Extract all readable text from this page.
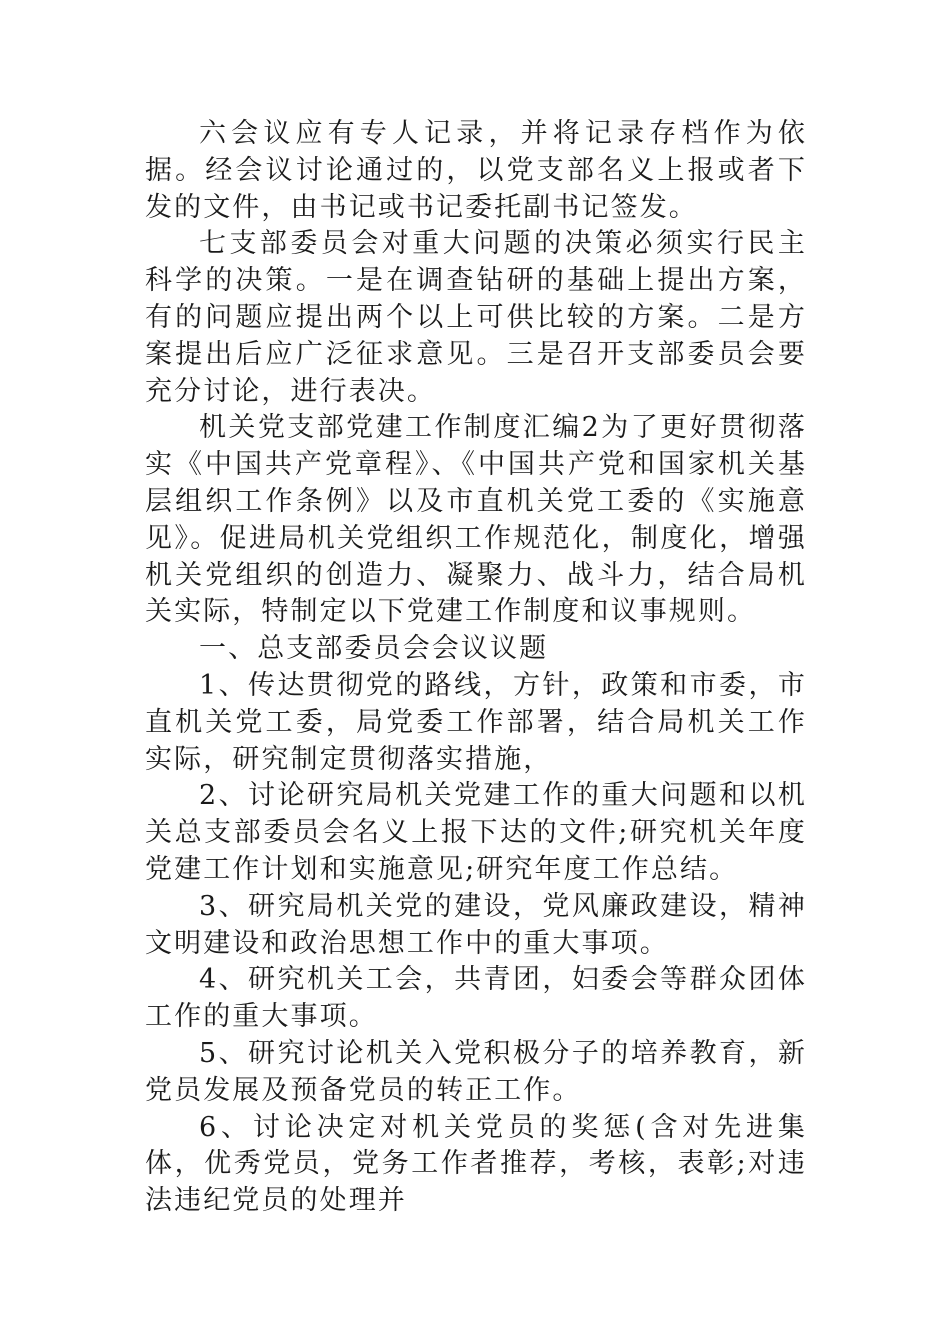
六会议应有专人记录，并将记录存档作为依据。经会议讨论通过的，以党支部名义上报或者下发的文件，由书记或书记委托副书记签发。

七支部委员会对重大问题的决策必须实行民主科学的决策。一是在调查钻研的基础上提出方案，有的问题应提出两个以上可供比较的方案。二是方案提出后应广泛征求意见。三是召开支部委员会要充分讨论，进行表决。

机关党支部党建工作制度汇编2为了更好贯彻落实《中国共产党章程》、《中国共产党和国家机关基层组织工作条例》以及市直机关党工委的《实施意见》。促进局机关党组织工作规范化，制度化，增强机关党组织的创造力、凝聚力、战斗力，结合局机关实际，特制定以下党建工作制度和议事规则。

一、总支部委员会会议议题

1、传达贯彻党的路线，方针，政策和市委，市直机关党工委，局党委工作部署，结合局机关工作实际，研究制定贯彻落实措施，

2、讨论研究局机关党建工作的重大问题和以机关总支部委员会名义上报下达的文件;研究机关年度党建工作计划和实施意见;研究年度工作总结。

3、研究局机关党的建设，党风廉政建设，精神文明建设和政治思想工作中的重大事项。

4、研究机关工会，共青团，妇委会等群众团体工作的重大事项。

5、研究讨论机关入党积极分子的培养教育，新党员发展及预备党员的转正工作。

6、讨论决定对机关党员的奖惩(含对先进集体，优秀党员，党务工作者推荐，考核，表彰;对违法违纪党员的处理并
